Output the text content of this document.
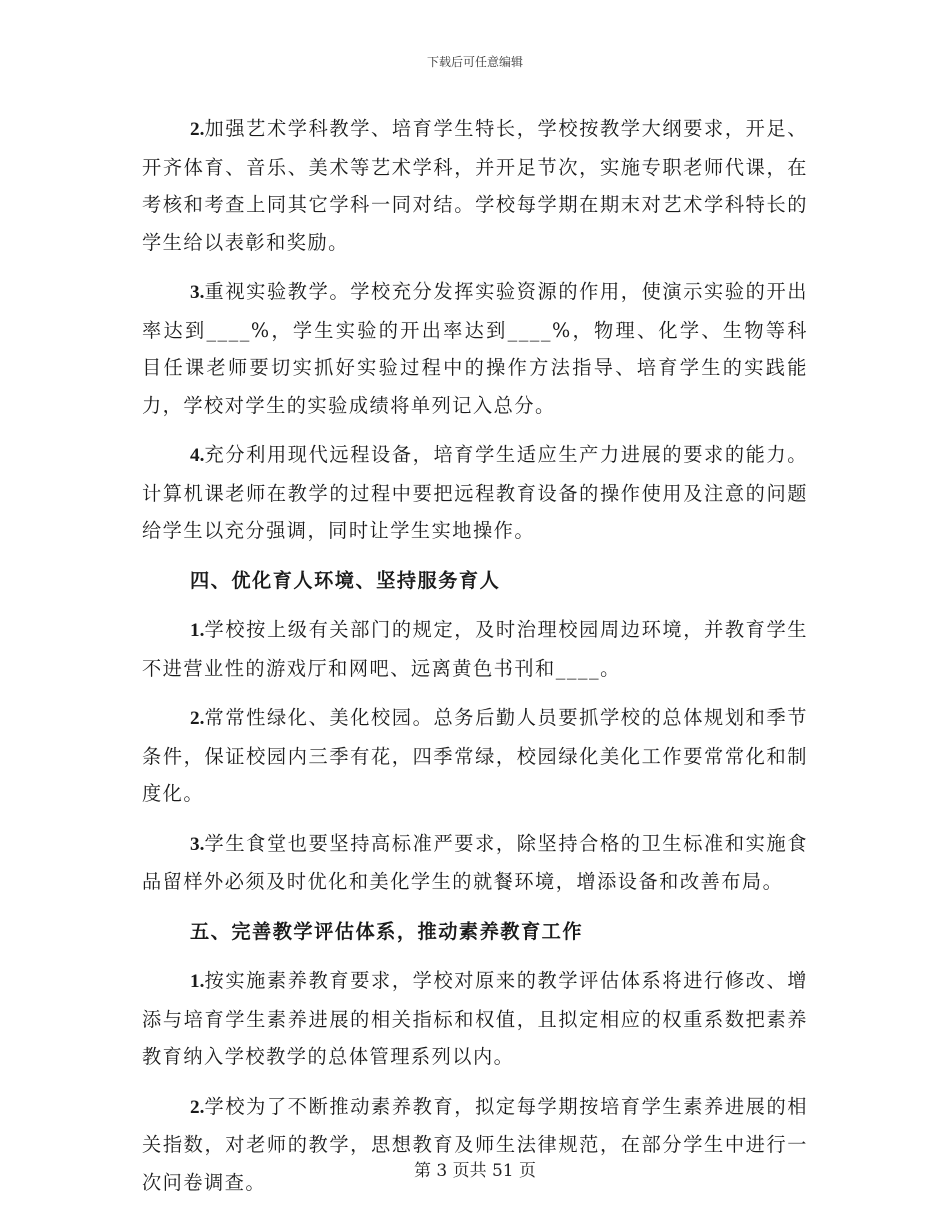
下载后可任意编辑

2.加强艺术学科教学、培育学生特长，学校按教学大纲要求，开足、开齐体育、音乐、美术等艺术学科，并开足节次，实施专职老师代课，在考核和考查上同其它学科一同对结。学校每学期在期末对艺术学科特长的学生给以表彰和奖励。

3.重视实验教学。学校充分发挥实验资源的作用，使演示实验的开出率达到____%，学生实验的开出率达到____%，物理、化学、生物等科目任课老师要切实抓好实验过程中的操作方法指导、培育学生的实践能力，学校对学生的实验成绩将单列记入总分。

4.充分利用现代远程设备，培育学生适应生产力进展的要求的能力。计算机课老师在教学的过程中要把远程教育设备的操作使用及注意的问题给学生以充分强调，同时让学生实地操作。

四、优化育人环境、坚持服务育人

1.学校按上级有关部门的规定，及时治理校园周边环境，并教育学生不进营业性的游戏厅和网吧、远离黄色书刊和____。

2.常常性绿化、美化校园。总务后勤人员要抓学校的总体规划和季节条件，保证校园内三季有花，四季常绿，校园绿化美化工作要常常化和制度化。

3.学生食堂也要坚持高标准严要求，除坚持合格的卫生标准和实施食品留样外必须及时优化和美化学生的就餐环境，增添设备和改善布局。

五、完善教学评估体系，推动素养教育工作

1.按实施素养教育要求，学校对原来的教学评估体系将进行修改、增添与培育学生素养进展的相关指标和权值，且拟定相应的权重系数把素养教育纳入学校教学的总体管理系列以内。

2.学校为了不断推动素养教育，拟定每学期按培育学生素养进展的相关指数，对老师的教学，思想教育及师生法律规范，在部分学生中进行一次问卷调查。	第 3 页共 51 页
